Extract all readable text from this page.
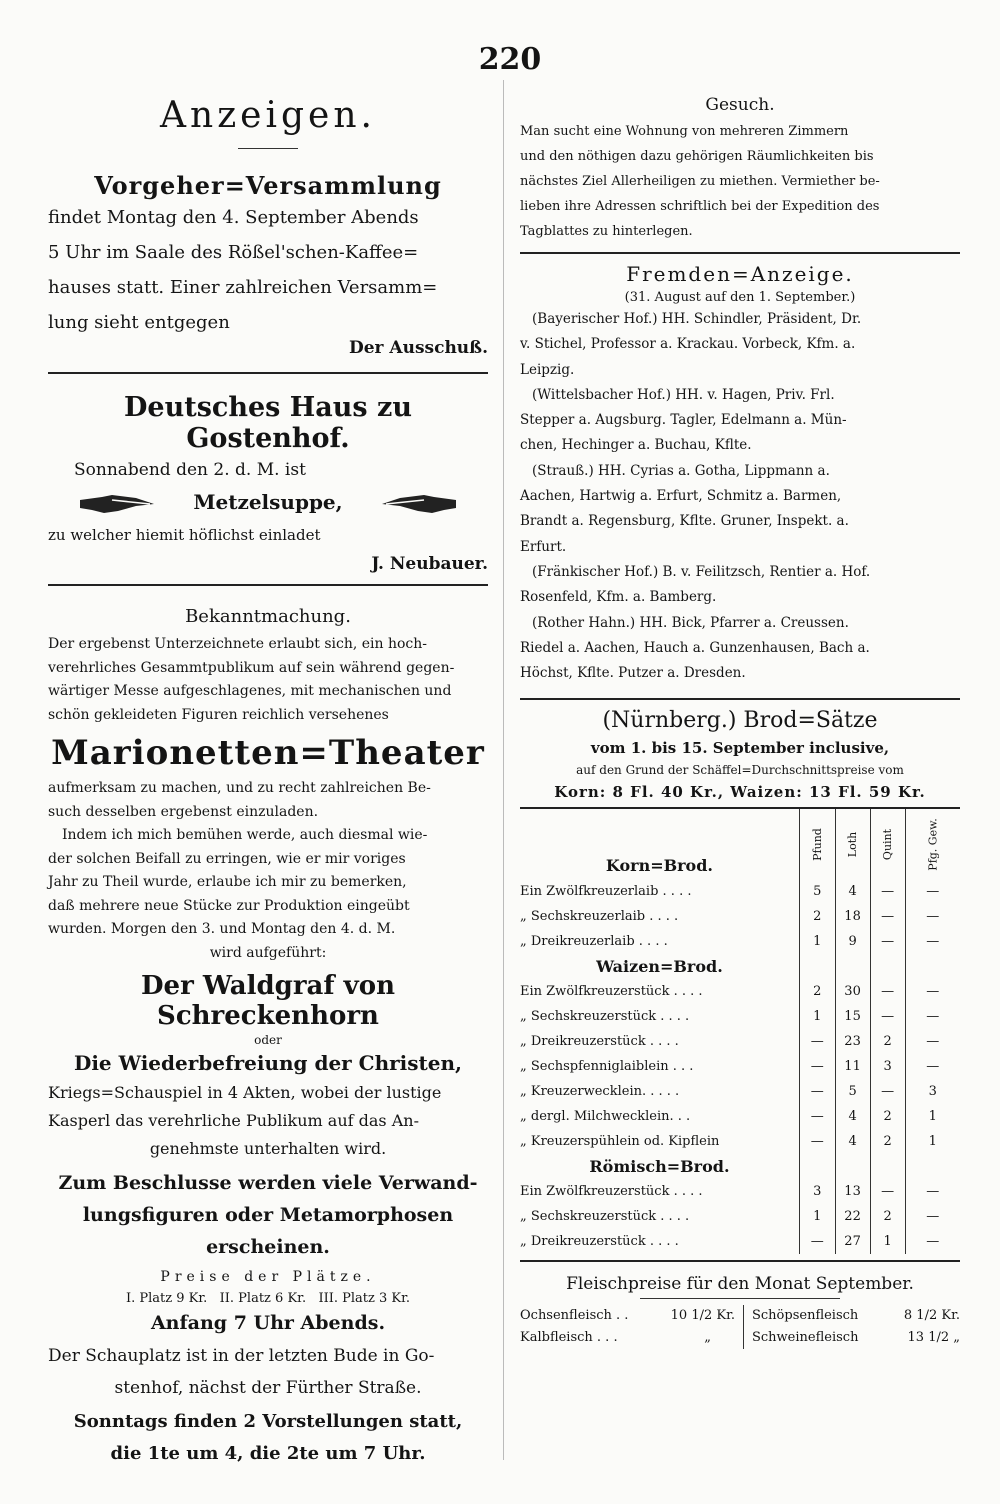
220
Anzeigen.
Vorgeher=Versammlung
findet Montag den 4. September Abends
5 Uhr im Saale des Rößel'schen-Kaffee=
hauses statt. Einer zahlreichen Versamm=
lung sieht entgegen
Der Ausschuß.
Deutsches Haus zu Gostenhof.
Sonnabend den 2. d. M. ist
Metzelsuppe,
zu welcher hiemit höflichst einladet
J. Neubauer.
Bekanntmachung.
Der ergebenst Unterzeichnete erlaubt sich, ein hoch-
verehrliches Gesammtpublikum auf sein während gegen-
wärtiger Messe aufgeschlagenes, mit mechanischen und
schön gekleideten Figuren reichlich versehenes
Marionetten=Theater
aufmerksam zu machen, und zu recht zahlreichen Be-
such desselben ergebenst einzuladen.
Indem ich mich bemühen werde, auch diesmal wie-
der solchen Beifall zu erringen, wie er mir voriges
Jahr zu Theil wurde, erlaube ich mir zu bemerken,
daß mehrere neue Stücke zur Produktion eingeübt
wurden. Morgen den 3. und Montag den 4. d. M.
wird aufgeführt:
Der Waldgraf von Schreckenhorn
oder
Die Wiederbefreiung der Christen,
Kriegs=Schauspiel in 4 Akten, wobei der lustige
Kasperl das verehrliche Publikum auf das An-
genehmste unterhalten wird.
Zum Beschlusse werden viele Verwand-
lungsfiguren oder Metamorphosen
erscheinen.
Preise der Plätze.
I. Platz 9 Kr.   II. Platz 6 Kr.   III. Platz 3 Kr.
Anfang 7 Uhr Abends.
Der Schauplatz ist in der letzten Bude in Go-
stenhof, nächst der Fürther Straße.
Sonntags finden 2 Vorstellungen statt,
die 1te um 4, die 2te um 7 Uhr.
Gesuch.
Man sucht eine Wohnung von mehreren Zimmern
und den nöthigen dazu gehörigen Räumlichkeiten bis
nächstes Ziel Allerheiligen zu miethen. Vermiether be-
lieben ihre Adressen schriftlich bei der Expedition des
Tagblattes zu hinterlegen.
Fremden=Anzeige.
(31. August auf den 1. September.)
(Bayerischer Hof.) HH. Schindler, Präsident, Dr.
v. Stichel, Professor a. Krackau. Vorbeck, Kfm. a.
Leipzig.
(Wittelsbacher Hof.) HH. v. Hagen, Priv. Frl.
Stepper a. Augsburg. Tagler, Edelmann a. Mün-
chen, Hechinger a. Buchau, Kflte.
(Strauß.) HH. Cyrias a. Gotha, Lippmann a.
Aachen, Hartwig a. Erfurt, Schmitz a. Barmen,
Brandt a. Regensburg, Kflte. Gruner, Inspekt. a.
Erfurt.
(Fränkischer Hof.) B. v. Feilitzsch, Rentier a. Hof.
Rosenfeld, Kfm. a. Bamberg.
(Rother Hahn.) HH. Bick, Pfarrer a. Creussen.
Riedel a. Aachen, Hauch a. Gunzenhausen, Bach a.
Höchst, Kflte. Putzer a. Dresden.
(Nürnberg.) Brod=Sätze
vom 1. bis 15. September inclusive,
auf den Grund der Schäffel=Durchschnittspreise vom
Korn: 8 Fl. 40 Kr., Waizen: 13 Fl. 59 Kr.
Korn=Brod.	Pfund	Loth	Quint	Pfg. Gew.
Ein Zwölfkreuzerlaib . . . .	5	4	—	—
„ Sechskreuzerlaib . . . .	2	18	—	—
„ Dreikreuzerlaib . . . .	1	9	—	—
Waizen=Brod.				
Ein Zwölfkreuzerstück . . . .	2	30	—	—
„ Sechskreuzerstück . . . .	1	15	—	—
„ Dreikreuzerstück . . . .	—	23	2	—
„ Sechspfenniglaiblein . . .	—	11	3	—
„ Kreuzerwecklein. . . . .	—	5	—	3
„ dergl. Milchwecklein. . .	—	4	2	1
„ Kreuzerspühlein od. Kipflein	—	4	2	1
Römisch=Brod.				
Ein Zwölfkreuzerstück . . . .	3	13	—	—
„ Sechskreuzerstück . . . .	1	22	2	—
„ Dreikreuzerstück . . . .	—	27	1	—
Fleischpreise für den Monat September.
Ochsenfleisch . .	10 1/2 Kr.
Kalbfleisch . . .	„
Schöpsenfleisch	8 1/2 Kr.
Schweinefleisch	13 1/2 „
